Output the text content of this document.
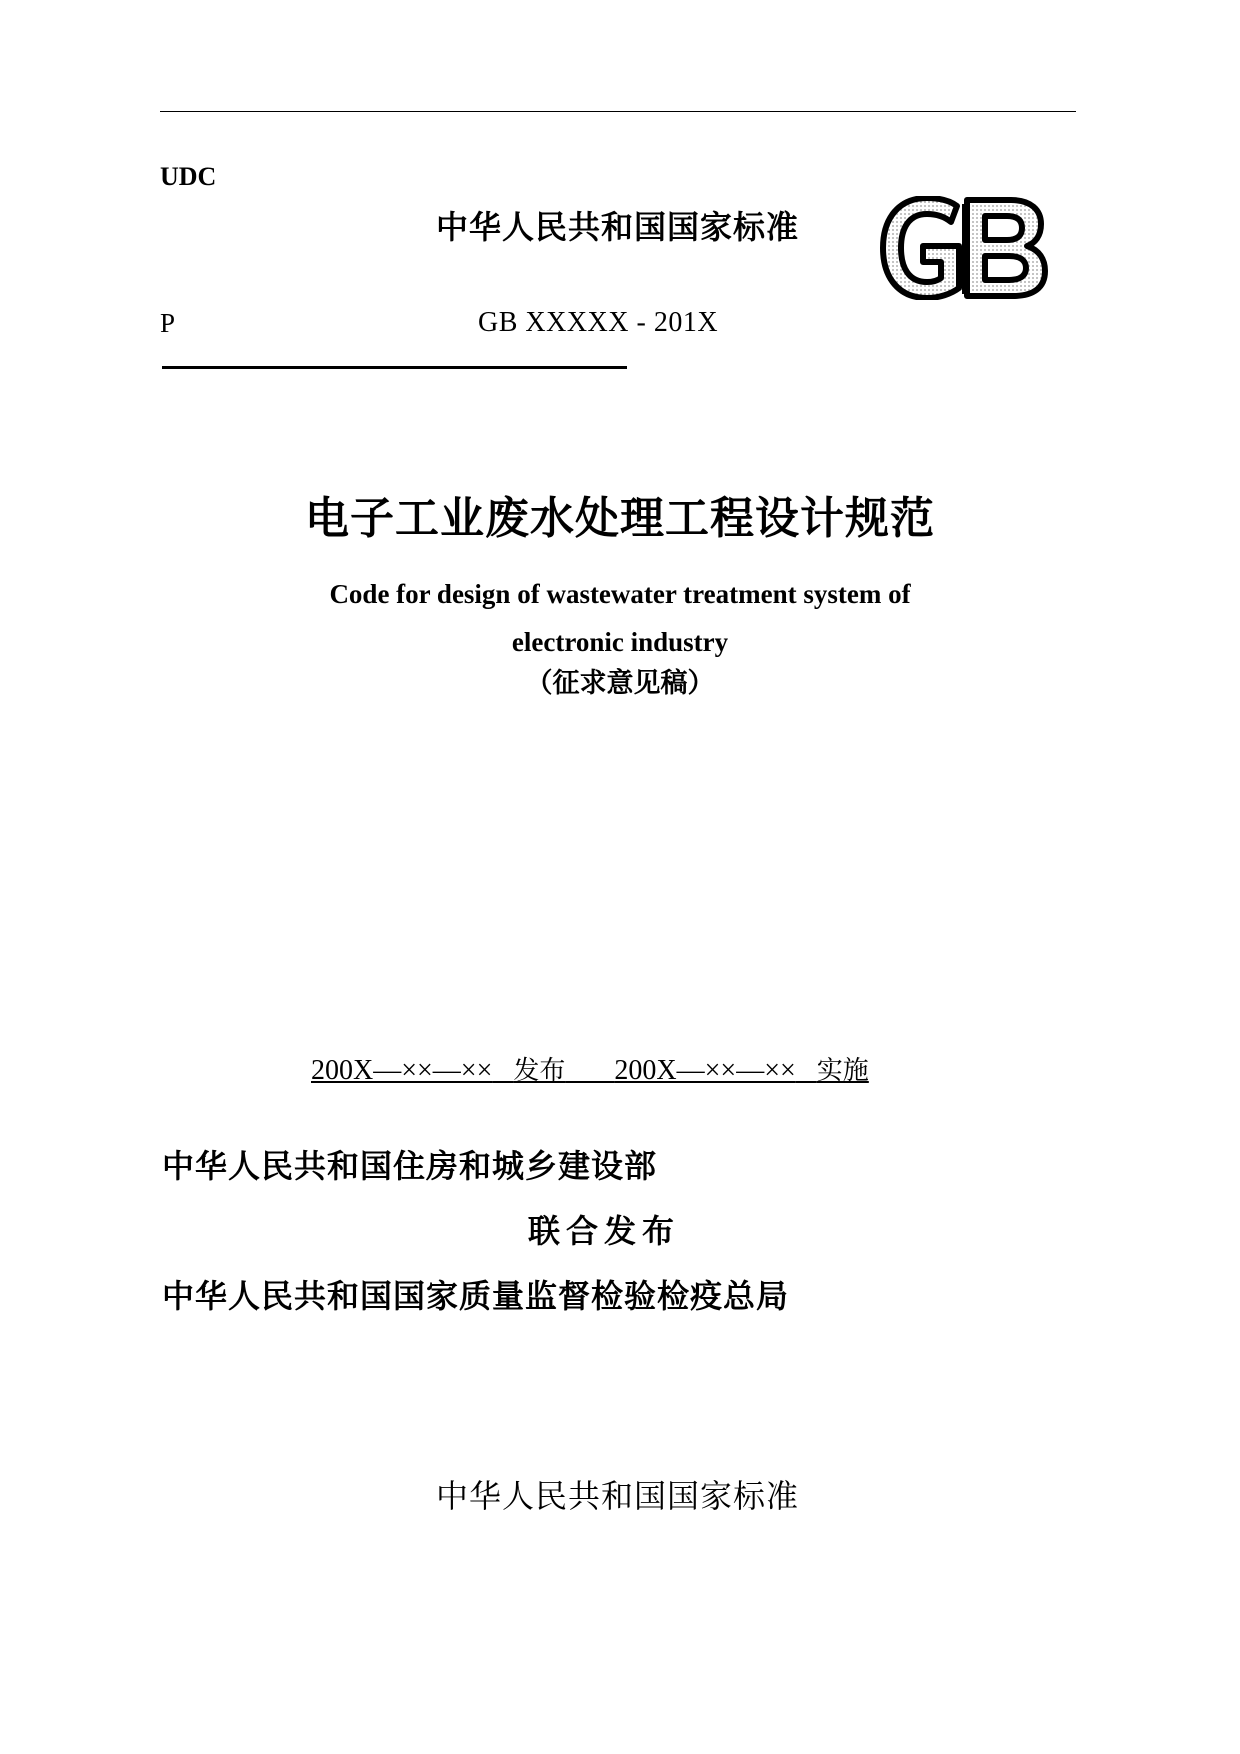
UDC
中华人民共和国国家标准
P	GB XXXXX - 201X
电子工业废水处理工程设计规范
Code for design of wastewater treatment system of
electronic industry
（征求意见稿）
200X—××—×× 发布 200X—××—×× 实施
中华人民共和国住房和城乡建设部
联合发布
中华人民共和国国家质量监督检验检疫总局
中华人民共和国国家标准
